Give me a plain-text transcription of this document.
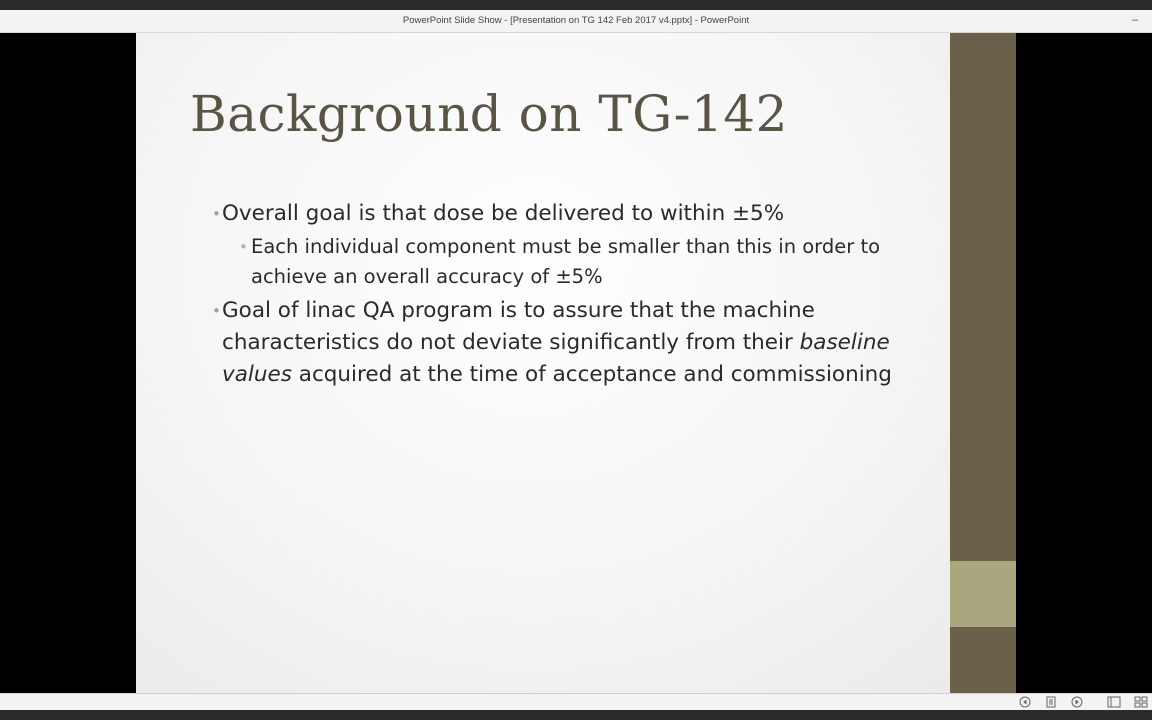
PowerPoint Slide Show - [Presentation on TG 142 Feb 2017 v4.pptx] - PowerPoint	–
Background on TG-142
• Overall goal is that dose be delivered to within ±5%
• Each individual component must be smaller than this in order to achieve an overall accuracy of ±5%
• Goal of linac QA program is to assure that the machine characteristics do not deviate significantly from their baseline values acquired at the time of acceptance and commissioning
